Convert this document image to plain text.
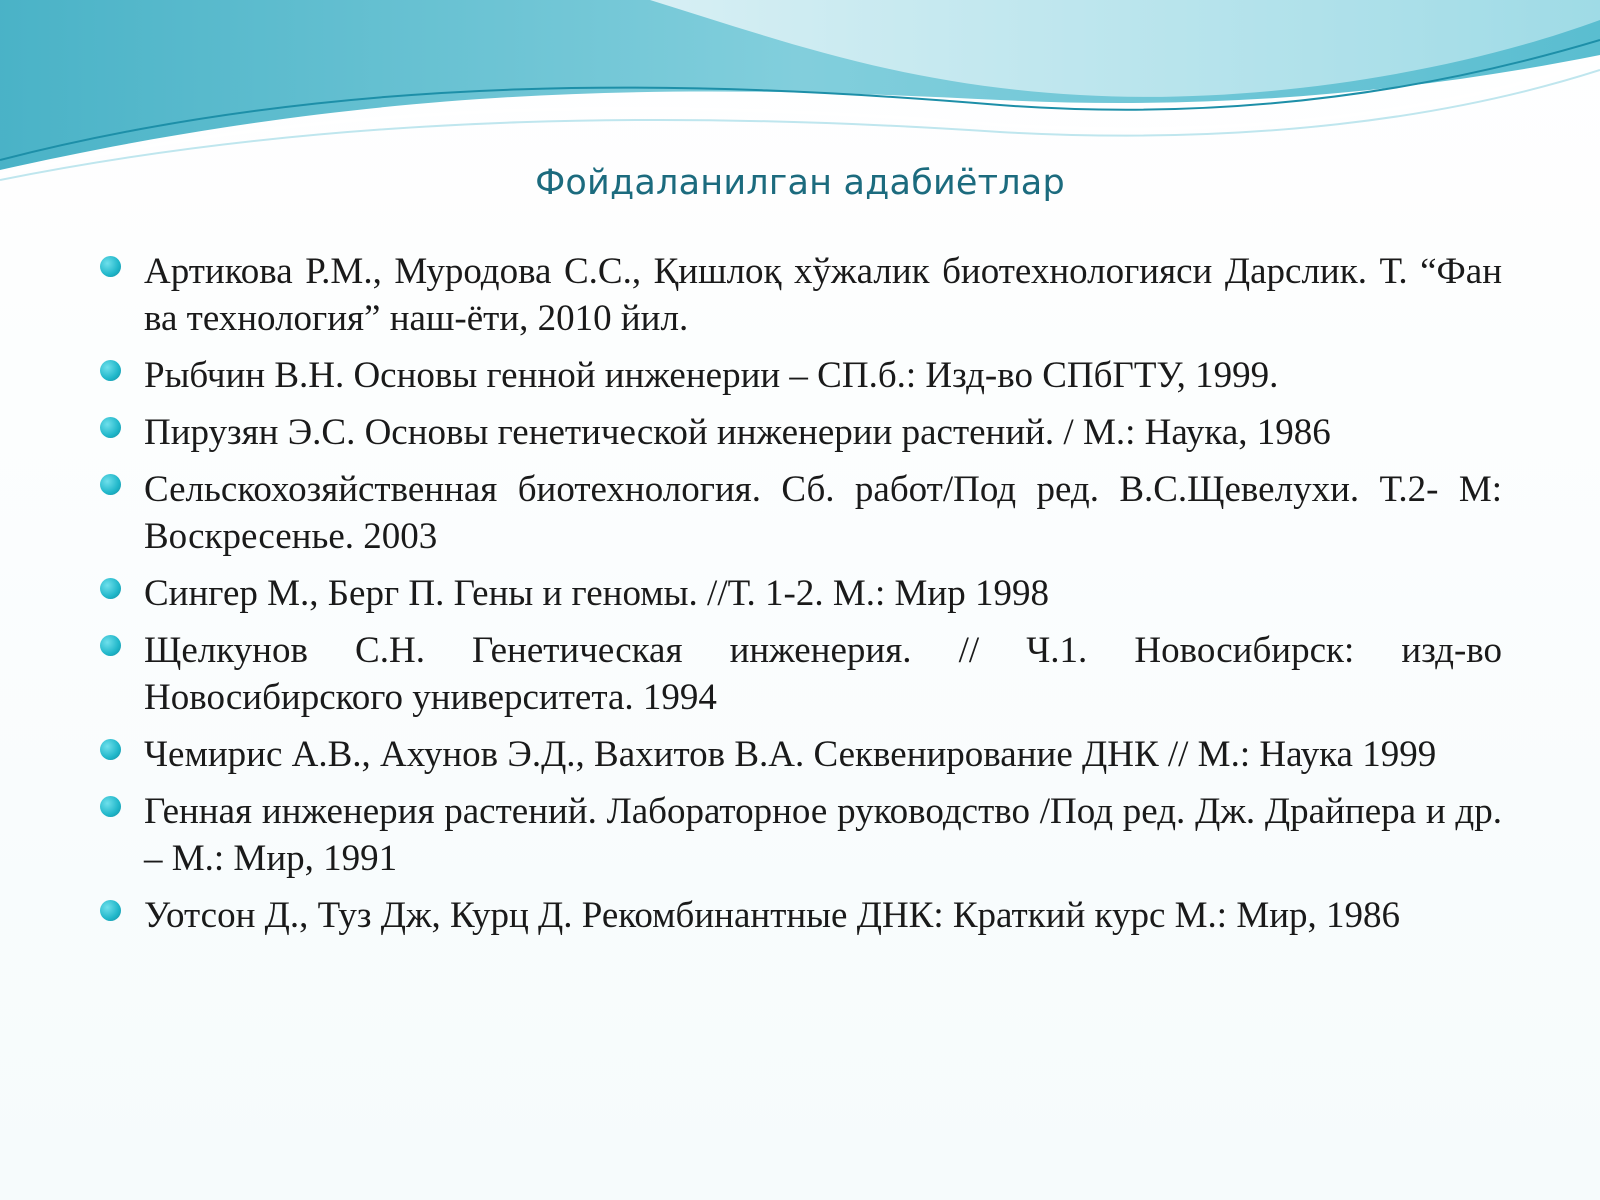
Фойдаланилган адабиётлар
Артикова Р.М., Муродова С.С., Қишлоқ хўжалик биотехнологияси Дарслик. Т. “Фан ва технология” наш-ёти, 2010 йил.
Рыбчин В.Н. Основы генной инженерии – СП.б.: Изд-во СПбГТУ, 1999.
Пирузян Э.С. Основы генетической инженерии растений. / М.: Наука, 1986
Сельскохозяйственная биотехнология. Сб. работ/Под ред. В.С.Щевелухи. Т.2- М: Воскресенье. 2003
Сингер М., Берг П. Гены и геномы. //Т. 1-2. М.: Мир 1998
Щелкунов С.Н. Генетическая инженерия. // Ч.1. Новосибирск: изд-во Новосибирского университета. 1994
Чемирис А.В., Ахунов Э.Д., Вахитов В.А. Секвенирование ДНК // М.: Наука 1999
Генная инженерия растений. Лабораторное руководство /Под ред. Дж. Драйпера и др. – М.: Мир, 1991
Уотсон Д., Туз Дж, Курц Д. Рекомбинантные ДНК: Краткий курс М.: Мир, 1986
